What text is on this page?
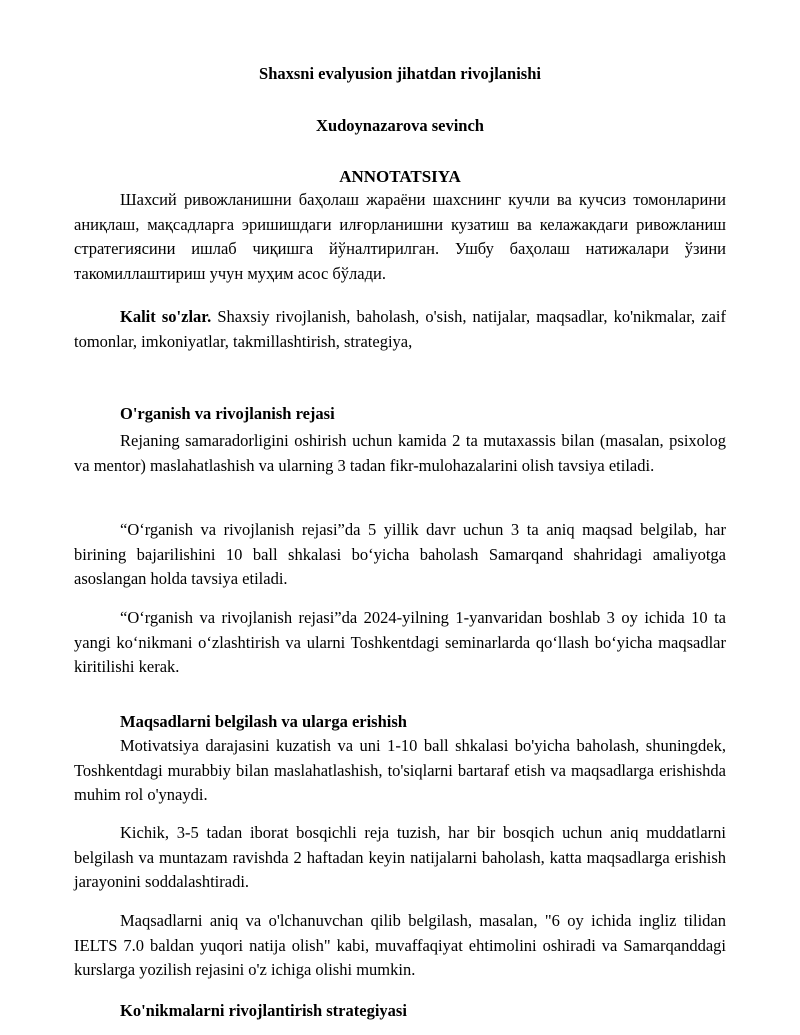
Shaxsni evalyusion jihatdan rivojlanishi
Xudoynazarova sevinch
ANNOTATSIYA
Шахсий ривожланишни баҳолаш жараёни шахснинг кучли ва кучсиз томонларини аниқлаш, мақсадларга эришишдаги илғорланишни кузатиш ва келажакдаги ривожланиш стратегиясини ишлаб чиқишга йўналтирилган. Ушбу баҳолаш натижалари ўзини такомиллаштириш учун муҳим асос бўлади.
Kalit so'zlar. Shaxsiy rivojlanish, baholash, o'sish, natijalar, maqsadlar, ko'nikmalar, zaif tomonlar, imkoniyatlar, takmillashtirish, strategiya,
O'rganish va rivojlanish rejasi
Rejaning samaradorligini oshirish uchun kamida 2 ta mutaxassis bilan (masalan, psixolog va mentor) maslahatlashish va ularning 3 tadan fikr-mulohazalarini olish tavsiya etiladi.
“O‘rganish va rivojlanish rejasi”da 5 yillik davr uchun 3 ta aniq maqsad belgilab, har birining bajarilishini 10 ball shkalasi bo‘yicha baholash Samarqand shahridagi amaliyotga asoslangan holda tavsiya etiladi.
“O‘rganish va rivojlanish rejasi”da 2024-yilning 1-yanvaridan boshlab 3 oy ichida 10 ta yangi ko‘nikmani o‘zlashtirish va ularni Toshkentdagi seminarlarda qo‘llash bo‘yicha maqsadlar kiritilishi kerak.
Maqsadlarni belgilash va ularga erishish
Motivatsiya darajasini kuzatish va uni 1-10 ball shkalasi bo'yicha baholash, shuningdek, Toshkentdagi murabbiy bilan maslahatlashish, to'siqlarni bartaraf etish va maqsadlarga erishishda muhim rol o'ynaydi.
Kichik, 3-5 tadan iborat bosqichli reja tuzish, har bir bosqich uchun aniq muddatlarni belgilash va muntazam ravishda 2 haftadan keyin natijalarni baholash, katta maqsadlarga erishish jarayonini soddalashtiradi.
Maqsadlarni aniq va o'lchanuvchan qilib belgilash, masalan, "6 oy ichida ingliz tilidan IELTS 7.0 baldan yuqori natija olish" kabi, muvaffaqiyat ehtimolini oshiradi va Samarqanddagi kurslarga yozilish rejasini o'z ichiga olishi mumkin.
Ko'nikmalarni rivojlantirish strategiyasi
